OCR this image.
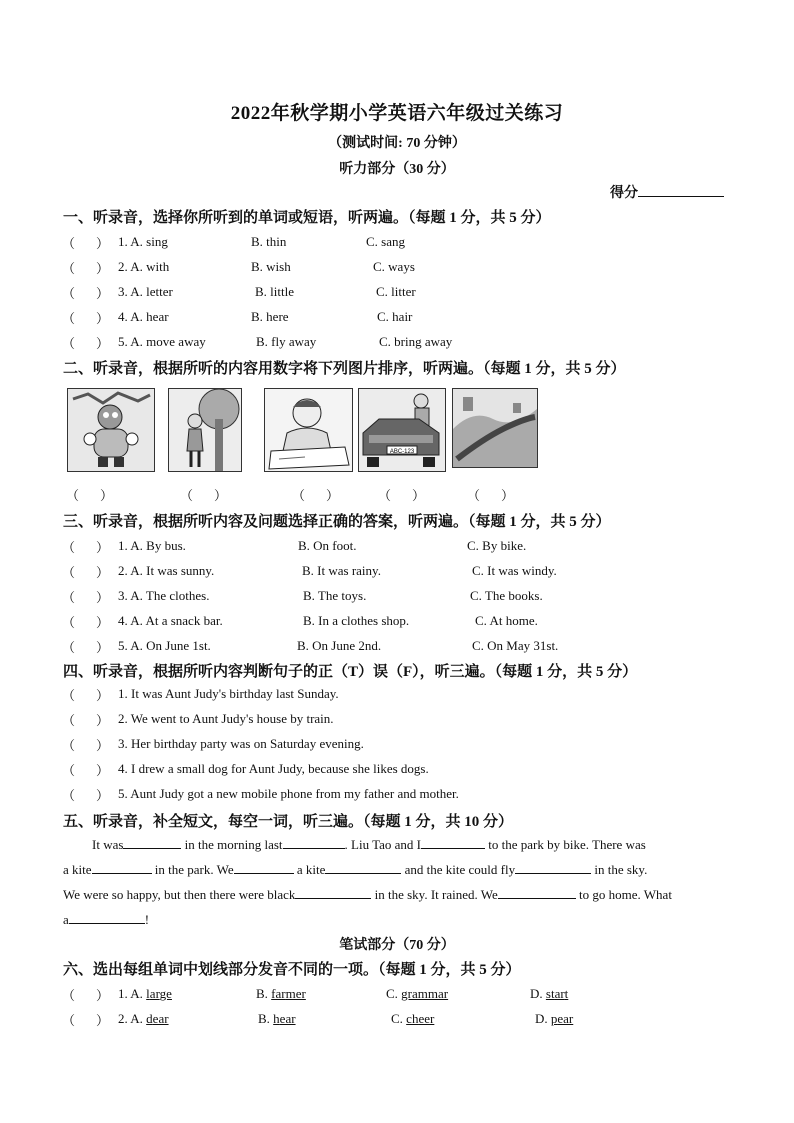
2022年秋学期小学英语六年级过关练习
（测试时间: 70 分钟）
听力部分（30 分）
得分
一、听录音，选择你所听到的单词或短语，听两遍。（每题 1 分，共 5 分）
（ ） 1. A. sing	B. thin	C. sang
（ ） 2. A. with	B. wish	C. ways
（ ） 3. A. letter	B. little	C. litter
（ ） 4. A. hear	B. here	C. hair
（ ） 5. A. move away	B. fly away	C. bring away
二、听录音，根据所听的内容用数字将下列图片排序，听两遍。（每题 1 分，共 5 分）
ABC-123
（ ）	（ ）	（ ）	（ ）	（ ）
三、听录音，根据所听内容及问题选择正确的答案，听两遍。（每题 1 分，共 5 分）
（ ） 1. A. By bus.	B. On foot.	C. By bike.
（ ） 2. A. It was sunny.	B. It was rainy.	C. It was windy.
（ ） 3. A. The clothes.	B. The toys.	C. The books.
（ ） 4. A. At a snack bar.	B. In a clothes shop.	C. At home.
（ ） 5. A. On June 1st.	B. On June 2nd.	C. On May 31st.
四、听录音，根据所听内容判断句子的正（T）误（F），听三遍。（每题 1 分，共 5 分）
（ ） 1. It was Aunt Judy's birthday last Sunday.
（ ） 2. We went to Aunt Judy's house by train.
（ ） 3. Her birthday party was on Saturday evening.
（ ） 4. I drew a small dog for Aunt Judy, because she likes dogs.
（ ） 5. Aunt Judy got a new mobile phone from my father and mother.
五、听录音，补全短文，每空一词，听三遍。（每题 1 分，共 10 分）
It was	in the morning last	. Liu Tao and I	to the park by bike. There was
a kite	in the park. We	a kite	and the kite could fly	in the sky.
We were so happy, but then there were black	in the sky. It rained. We	to go home. What
a	!
笔试部分（70 分）
六、选出每组单词中划线部分发音不同的一项。（每题 1 分，共 5 分）
（ ） 1. A. large	B. farmer	C. grammar	D. start
（ ） 2. A. dear	B. hear	C. cheer	D. pear
